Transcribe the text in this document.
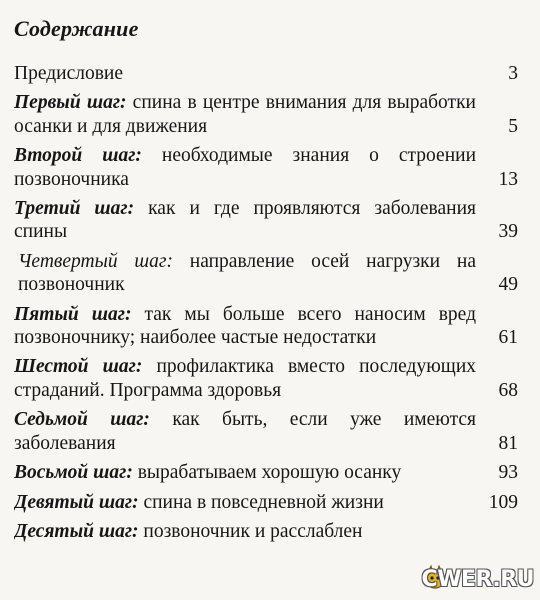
Содержание
Предисловие	3
Первый шаг: спина в центре внимания для выработки осанки и для движения	5
Второй шаг: необходимые знания о строении позвоночника	13
Третий шаг: как и где проявляются заболевания спины	39
Четвертый шаг: направление осей нагрузки на позвоночник	49
Пятый шаг: так мы больше всего наносим вред позвоночнику; наиболее частые недостатки	61
Шестой шаг: профилактика вместо последующих страданий. Программа здоровья	68
Седьмой шаг: как быть, если уже имеются заболевания	81
Восьмой шаг: вырабатываем хорошую осанку	93
Девятый шаг: спина в повседневной жизни	109
Десятый шаг: позвоночник и расслаблен
CWER.RU
